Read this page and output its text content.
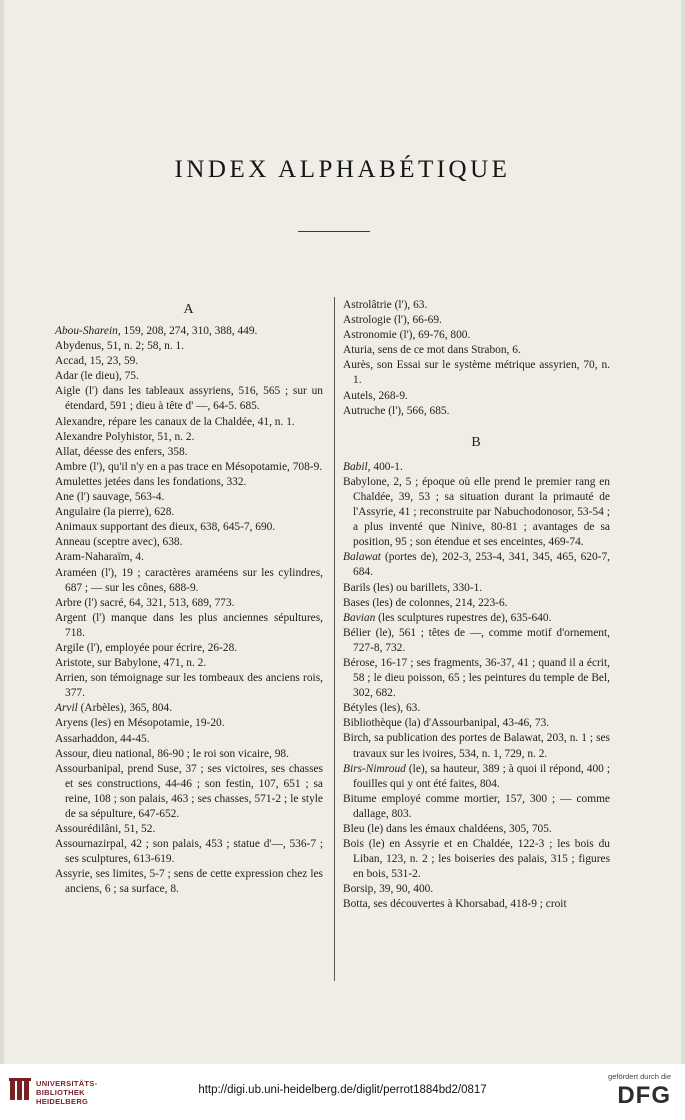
INDEX ALPHABÉTIQUE
A
Abou-Sharein, 159, 208, 274, 310, 388, 449.
Abydenus, 51, n. 2; 58, n. 1.
Accad, 15, 23, 59.
Adar (le dieu), 75.
Aigle (l') dans les tableaux assyriens, 516, 565 ; sur un étendard, 591 ; dieu à tête d' —, 64-5. 685.
Alexandre, répare les canaux de la Chaldée, 41, n. 1.
Alexandre Polyhistor, 51, n. 2.
Allat, déesse des enfers, 358.
Ambre (l'), qu'il n'y en a pas trace en Mésopotamie, 708-9.
Amulettes jetées dans les fondations, 332.
Ane (l') sauvage, 563-4.
Angulaire (la pierre), 628.
Animaux supportant des dieux, 638, 645-7, 690.
Anneau (sceptre avec), 638.
Aram-Naharaïm, 4.
Araméen (l'), 19 ; caractères araméens sur les cylindres, 687 ; — sur les cônes, 688-9.
Arbre (l') sacré, 64, 321, 513, 689, 773.
Argent (l') manque dans les plus anciennes sépultures, 718.
Argile (l'), employée pour écrire, 26-28.
Aristote, sur Babylone, 471, n. 2.
Arrien, son témoignage sur les tombeaux des anciens rois, 377.
Arvil (Arbèles), 365, 804.
Aryens (les) en Mésopotamie, 19-20.
Assarhaddon, 44-45.
Assour, dieu national, 86-90 ; le roi son vicaire, 98.
Assourbanipal, prend Suse, 37 ; ses victoires, ses chasses et ses constructions, 44-46 ; son festin, 107, 651 ; sa reine, 108 ; son palais, 463 ; ses chasses, 571-2 ; le style de sa sépulture, 647-652.
Assourédilâni, 51, 52.
Assournazirpal, 42 ; son palais, 453 ; statue d'—, 536-7 ; ses sculptures, 613-619.
Assyrie, ses limites, 5-7 ; sens de cette expression chez les anciens, 6 ; sa surface, 8.
Astrolâtrie (l'), 63.
Astrologie (l'), 66-69.
Astronomie (l'), 69-76, 800.
Aturia, sens de ce mot dans Strabon, 6.
Aurès, son Essai sur le système métrique assyrien, 70, n. 1.
Autels, 268-9.
Autruche (l'), 566, 685.
B
Babil, 400-1.
Babylone, 2, 5 ; époque où elle prend le premier rang en Chaldée, 39, 53 ; sa situation durant la primauté de l'Assyrie, 41 ; reconstruite par Nabuchodonosor, 53-54 ; a plus inventé que Ninive, 80-81 ; avantages de sa position, 95 ; son étendue et ses enceintes, 469-74.
Balawat (portes de), 202-3, 253-4, 341, 345, 465, 620-7, 684.
Barils (les) ou barillets, 330-1.
Bases (les) de colonnes, 214, 223-6.
Bavian (les sculptures rupestres de), 635-640.
Bélier (le), 561 ; têtes de —, comme motif d'ornement, 727-8, 732.
Bérose, 16-17 ; ses fragments, 36-37, 41 ; quand il a écrit, 58 ; le dieu poisson, 65 ; les peintures du temple de Bel, 302, 682.
Bétyles (les), 63.
Bibliothèque (la) d'Assourbanipal, 43-46, 73.
Birch, sa publication des portes de Balawat, 203, n. 1 ; ses travaux sur les ivoires, 534, n. 1, 729, n. 2.
Birs-Nimroud (le), sa hauteur, 389 ; à quoi il répond, 400 ; fouilles qui y ont été faites, 804.
Bitume employé comme mortier, 157, 300 ; — comme dallage, 803.
Bleu (le) dans les émaux chaldéens, 305, 705.
Bois (le) en Assyrie et en Chaldée, 122-3 ; les bois du Liban, 123, n. 2 ; les boiseries des palais, 315 ; figures en bois, 531-2.
Borsip, 39, 90, 400.
Botta, ses découvertes à Khorsabad, 418-9 ; croit
UNIVERSITÄTS-
BIBLIOTHEK
HEIDELBERG
http://digi.ub.uni-heidelberg.de/diglit/perrot1884bd2/0817
gefördert durch die
DFG
